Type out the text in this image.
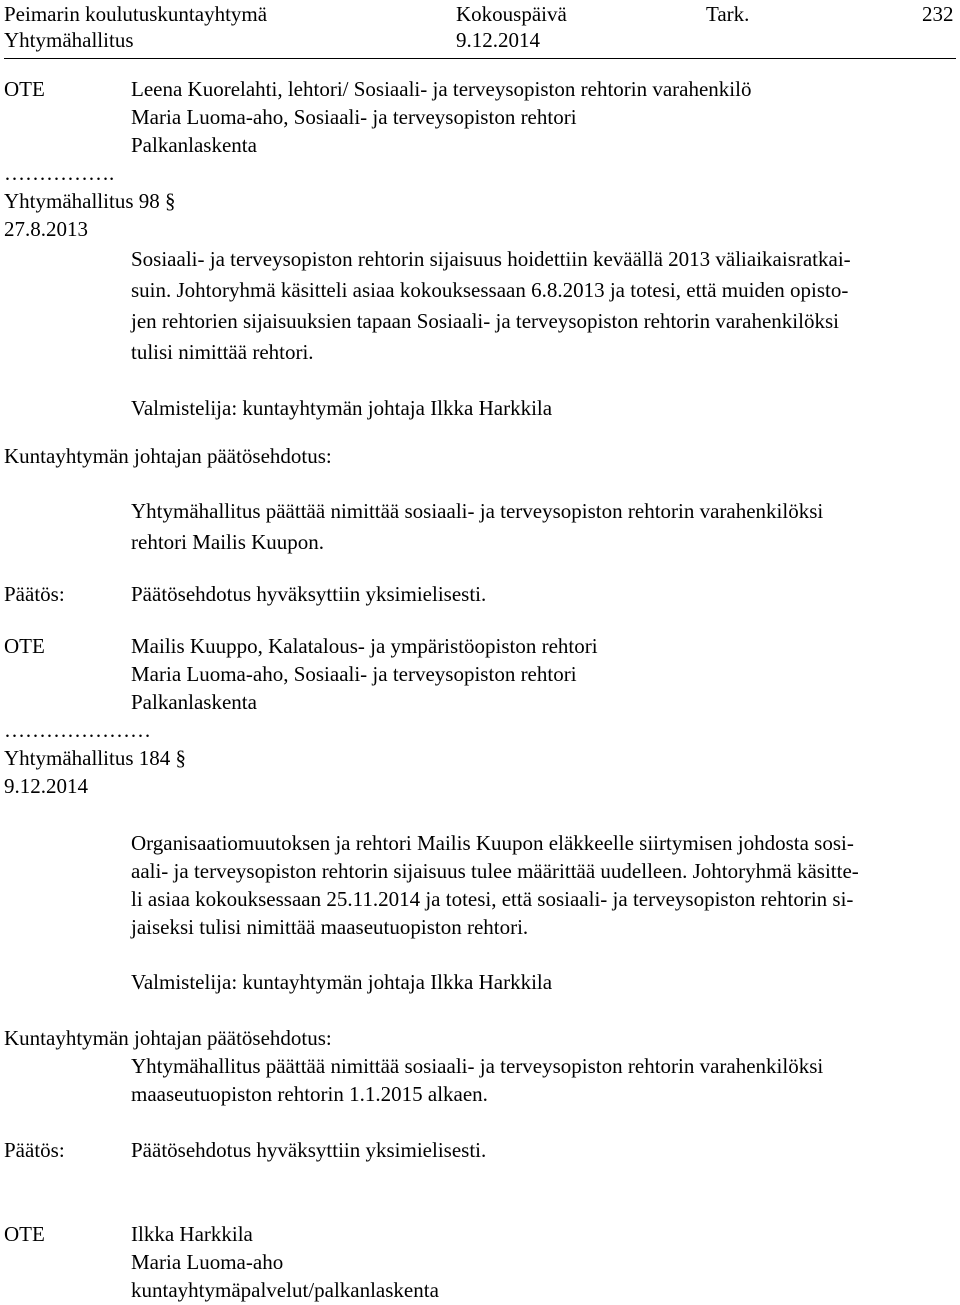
Peimarin koulutuskuntayhtymä	Kokouspäivä	Tark.	232

Yhtymähallitus	9.12.2014

OTE	Leena Kuorelahti, lehtori/ Sosiaali- ja terveysopiston rehtorin varahenkilö

Maria Luoma-aho, Sosiaali- ja terveysopiston rehtori

Palkanlaskenta

…………….

Yhtymähallitus 98 §

27.8.2013

Sosiaali- ja terveysopiston rehtorin sijaisuus hoidettiin keväällä 2013 väliaikaisratkai-

suin. Johtoryhmä käsitteli asiaa kokouksessaan 6.8.2013 ja totesi, että muiden opisto-

jen rehtorien sijaisuuksien tapaan Sosiaali- ja terveysopiston rehtorin varahenkilöksi

tulisi nimittää rehtori.

Valmistelija: kuntayhtymän johtaja Ilkka Harkkila

Kuntayhtymän johtajan päätösehdotus:

Yhtymähallitus päättää nimittää sosiaali- ja terveysopiston rehtorin varahenkilöksi

rehtori Mailis Kuupon.

Päätös:	Päätösehdotus hyväksyttiin yksimielisesti.

OTE	Mailis Kuuppo, Kalatalous- ja ympäristöopiston rehtori

Maria Luoma-aho, Sosiaali- ja terveysopiston rehtori

Palkanlaskenta

…………………

Yhtymähallitus 184 §

9.12.2014

Organisaatiomuutoksen ja rehtori Mailis Kuupon eläkkeelle siirtymisen johdosta sosi-

aali- ja terveysopiston rehtorin sijaisuus tulee määrittää uudelleen. Johtoryhmä käsitte-

li asiaa kokouksessaan 25.11.2014 ja totesi, että sosiaali- ja terveysopiston rehtorin si-

jaiseksi tulisi nimittää maaseutuopiston rehtori.

Valmistelija: kuntayhtymän johtaja Ilkka Harkkila

Kuntayhtymän johtajan päätösehdotus:

Yhtymähallitus päättää nimittää sosiaali- ja terveysopiston rehtorin varahenkilöksi

maaseutuopiston rehtorin 1.1.2015 alkaen.

Päätös:	Päätösehdotus hyväksyttiin yksimielisesti.

OTE	Ilkka Harkkila

Maria Luoma-aho

kuntayhtymäpalvelut/palkanlaskenta
